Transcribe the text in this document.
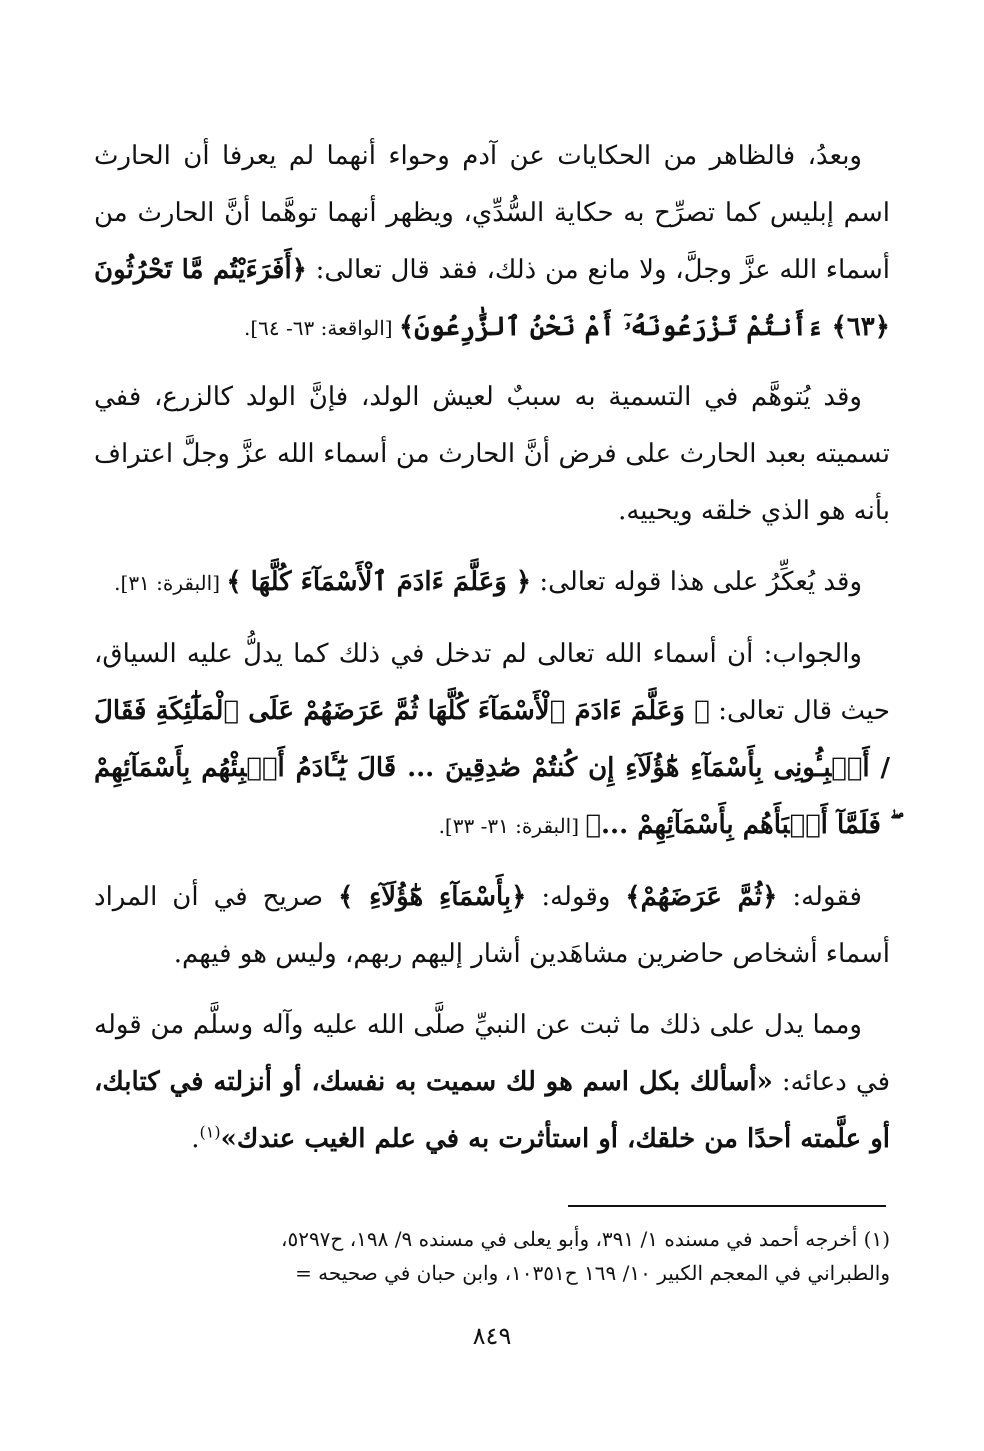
وبعدُ، فالظاهر من الحكايات عن آدم وحواء أنهما لم يعرفا أن الحارث اسم إبليس كما تصرِّح به حكاية السُّدِّي، ويظهر أنهما توهَّما أنَّ الحارث من أسماء الله عزَّ وجلَّ، ولا مانع من ذلك، فقد قال تعالى: ﴿أَفَرَءَيْتُم مَّا تَحْرُثُونَ ﴿٦٣﴾ ءَأَنتُمْ تَزْرَعُونَهُۥٓ أَمْ نَحْنُ ٱلزَّٰرِعُونَ﴾ [الواقعة: ٦٣- ٦٤].

وقد يُتوهَّم في التسمية به سببٌ لعيش الولد، فإنَّ الولد كالزرع، ففي تسميته بعبد الحارث على فرض أنَّ الحارث من أسماء الله عزَّ وجلَّ اعتراف بأنه هو الذي خلقه ويحييه.

وقد يُعكِّرُ على هذا قوله تعالى: ﴿ وَعَلَّمَ ءَادَمَ ٱلْأَسْمَآءَ كُلَّهَا ﴾ [البقرة: ٣١].

والجواب: أن أسماء الله تعالى لم تدخل في ذلك كما يدلُّ عليه السياق، حيث قال تعالى: ﴿ وَعَلَّمَ ءَادَمَ ٱلْأَسْمَآءَ كُلَّهَا ثُمَّ عَرَضَهُمْ عَلَى ٱلْمَلَٰٓئِكَةِ فَقَالَ / أَنۢبِـُٔونِى بِأَسْمَآءِ هَٰٓؤُلَآءِ إِن كُنتُمْ صَٰدِقِينَ ... قَالَ يَٰٓـَٔادَمُ أَنۢبِئْهُم بِأَسْمَآئِهِمْ ۖ فَلَمَّآ أَنۢبَأَهُم بِأَسْمَآئِهِمْ ...﴾ [البقرة: ٣١- ٣٣].

فقوله: ﴿ثُمَّ عَرَضَهُمْ﴾ وقوله: ﴿بِأَسْمَآءِ هَٰٓؤُلَآءِ ﴾ صريح في أن المراد أسماء أشخاص حاضرين مشاهَدين أشار إليهم ربهم، وليس هو فيهم.

ومما يدل على ذلك ما ثبت عن النبيِّ صلَّى الله عليه وآله وسلَّم من قوله في دعائه: «أسألك بكل اسم هو لك سميت به نفسك، أو أنزلته في كتابك، أو علَّمته أحدًا من خلقك، أو استأثرت به في علم الغيب عندك»$^{(١)}$.

(١) أخرجه أحمد في مسنده ١/ ٣٩١، وأبو يعلى في مسنده ٩/ ١٩٨، ح٥٢٩٧،

والطبراني في المعجم الكبير ١٠/ ١٦٩ ح١٠٣٥١، وابن حبان في صحيحه =

٨٤٩
